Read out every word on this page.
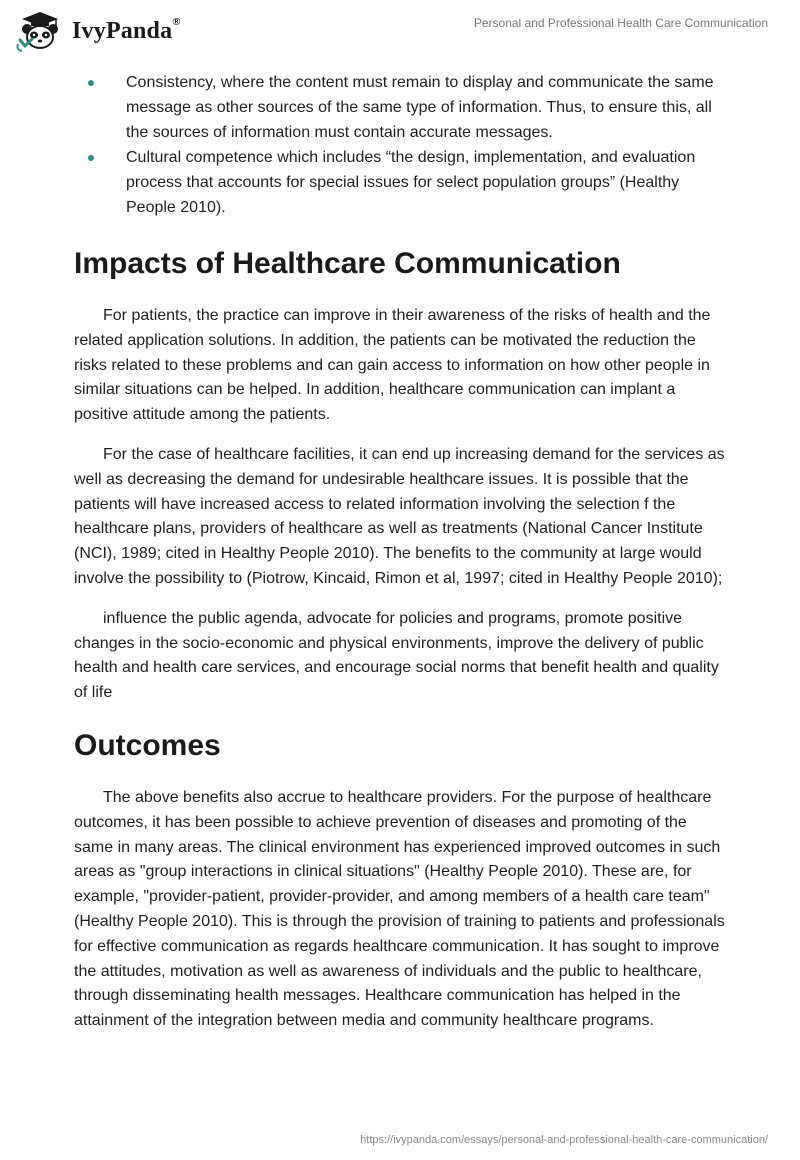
IvyPanda®	Personal and Professional Health Care Communication
Consistency, where the content must remain to display and communicate the same message as other sources of the same type of information. Thus, to ensure this, all the sources of information must contain accurate messages.
Cultural competence which includes “the design, implementation, and evaluation process that accounts for special issues for select population groups” (Healthy People 2010).
Impacts of Healthcare Communication

For patients, the practice can improve in their awareness of the risks of health and the related application solutions. In addition, the patients can be motivated the reduction the risks related to these problems and can gain access to information on how other people in similar situations can be helped. In addition, healthcare communication can implant a positive attitude among the patients.

For the case of healthcare facilities, it can end up increasing demand for the services as well as decreasing the demand for undesirable healthcare issues. It is possible that the patients will have increased access to related information involving the selection f the healthcare plans, providers of healthcare as well as treatments (National Cancer Institute (NCI), 1989; cited in Healthy People 2010). The benefits to the community at large would involve the possibility to (Piotrow, Kincaid, Rimon et al, 1997; cited in Healthy People 2010);

influence the public agenda, advocate for policies and programs, promote positive changes in the socio-economic and physical environments, improve the delivery of public health and health care services, and encourage social norms that benefit health and quality of life

Outcomes

The above benefits also accrue to healthcare providers. For the purpose of healthcare outcomes, it has been possible to achieve prevention of diseases and promoting of the same in many areas. The clinical environment has experienced improved outcomes in such areas as "group interactions in clinical situations" (Healthy People 2010). These are, for example, "provider-patient, provider-provider, and among members of a health care team" (Healthy People 2010). This is through the provision of training to patients and professionals for effective communication as regards healthcare communication. It has sought to improve the attitudes, motivation as well as awareness of individuals and the public to healthcare, through disseminating health messages. Healthcare communication has helped in the attainment of the integration between media and community healthcare programs.

https://ivypanda.com/essays/personal-and-professional-health-care-communication/
